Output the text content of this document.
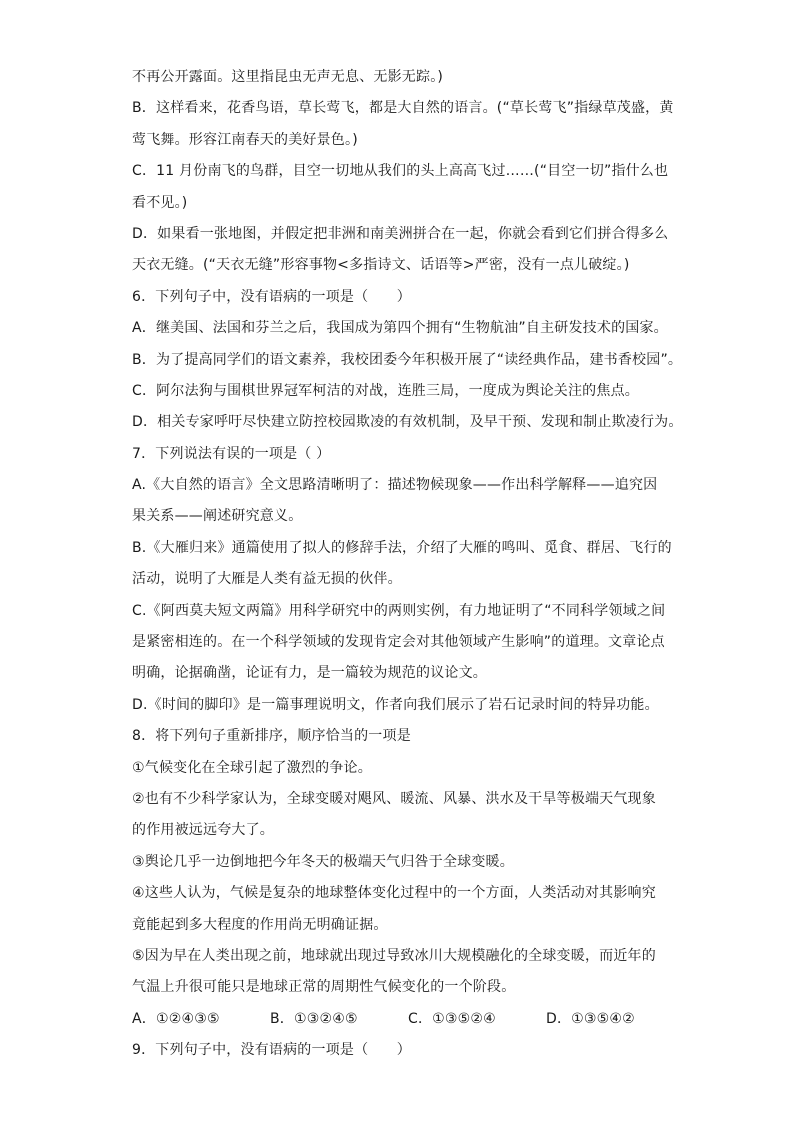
不再公开露面。这里指昆虫无声无息、无影无踪。)
B．这样看来，花香鸟语，草长莺飞，都是大自然的语言。(“草长莺飞”指绿草茂盛，黄
莺飞舞。形容江南春天的美好景色。)
C．11 月份南飞的鸟群，目空一切地从我们的头上高高飞过……(“目空一切”指什么也
看不见。)
D．如果看一张地图，并假定把非洲和南美洲拼合在一起，你就会看到它们拼合得多么
天衣无缝。(“天衣无缝”形容事物<多指诗文、话语等>严密，没有一点儿破绽。)
6．下列句子中，没有语病的一项是（　　）
A．继美国、法国和芬兰之后，我国成为第四个拥有“生物航油”自主研发技术的国家。
B．为了提高同学们的语文素养，我校团委今年积极开展了“读经典作品，建书香校园”。
C．阿尔法狗与围棋世界冠军柯洁的对战，连胜三局，一度成为舆论关注的焦点。
D．相关专家呼吁尽快建立防控校园欺凌的有效机制，及早干预、发现和制止欺凌行为。
7．下列说法有误的一项是（ ）
A.《大自然的语言》全文思路清晰明了：描述物候现象——作出科学解释——追究因
果关系——阐述研究意义。
B.《大雁归来》通篇使用了拟人的修辞手法，介绍了大雁的鸣叫、觅食、群居、飞行的
活动，说明了大雁是人类有益无损的伙伴。
C.《阿西莫夫短文两篇》用科学研究中的两则实例，有力地证明了“不同科学领域之间
是紧密相连的。在一个科学领域的发现肯定会对其他领域产生影响”的道理。文章论点
明确，论据确凿，论证有力，是一篇较为规范的议论文。
D.《时间的脚印》是一篇事理说明文，作者向我们展示了岩石记录时间的特异功能。
8．将下列句子重新排序，顺序恰当的一项是
①气候变化在全球引起了激烈的争论。
②也有不少科学家认为，全球变暖对飓风、暖流、风暴、洪水及干旱等极端天气现象
的作用被远远夸大了。
③舆论几乎一边倒地把今年冬天的极端天气归咎于全球变暖。
④这些人认为，气候是复杂的地球整体变化过程中的一个方面，人类活动对其影响究
竟能起到多大程度的作用尚无明确证据。
⑤因为早在人类出现之前，地球就出现过导致冰川大规模融化的全球变暖，而近年的
气温上升很可能只是地球正常的周期性气候变化的一个阶段。
A．①②④③⑤	B．①③②④⑤	C．①③⑤②④	D．①③⑤④②
9．下列句子中，没有语病的一项是（　　）
